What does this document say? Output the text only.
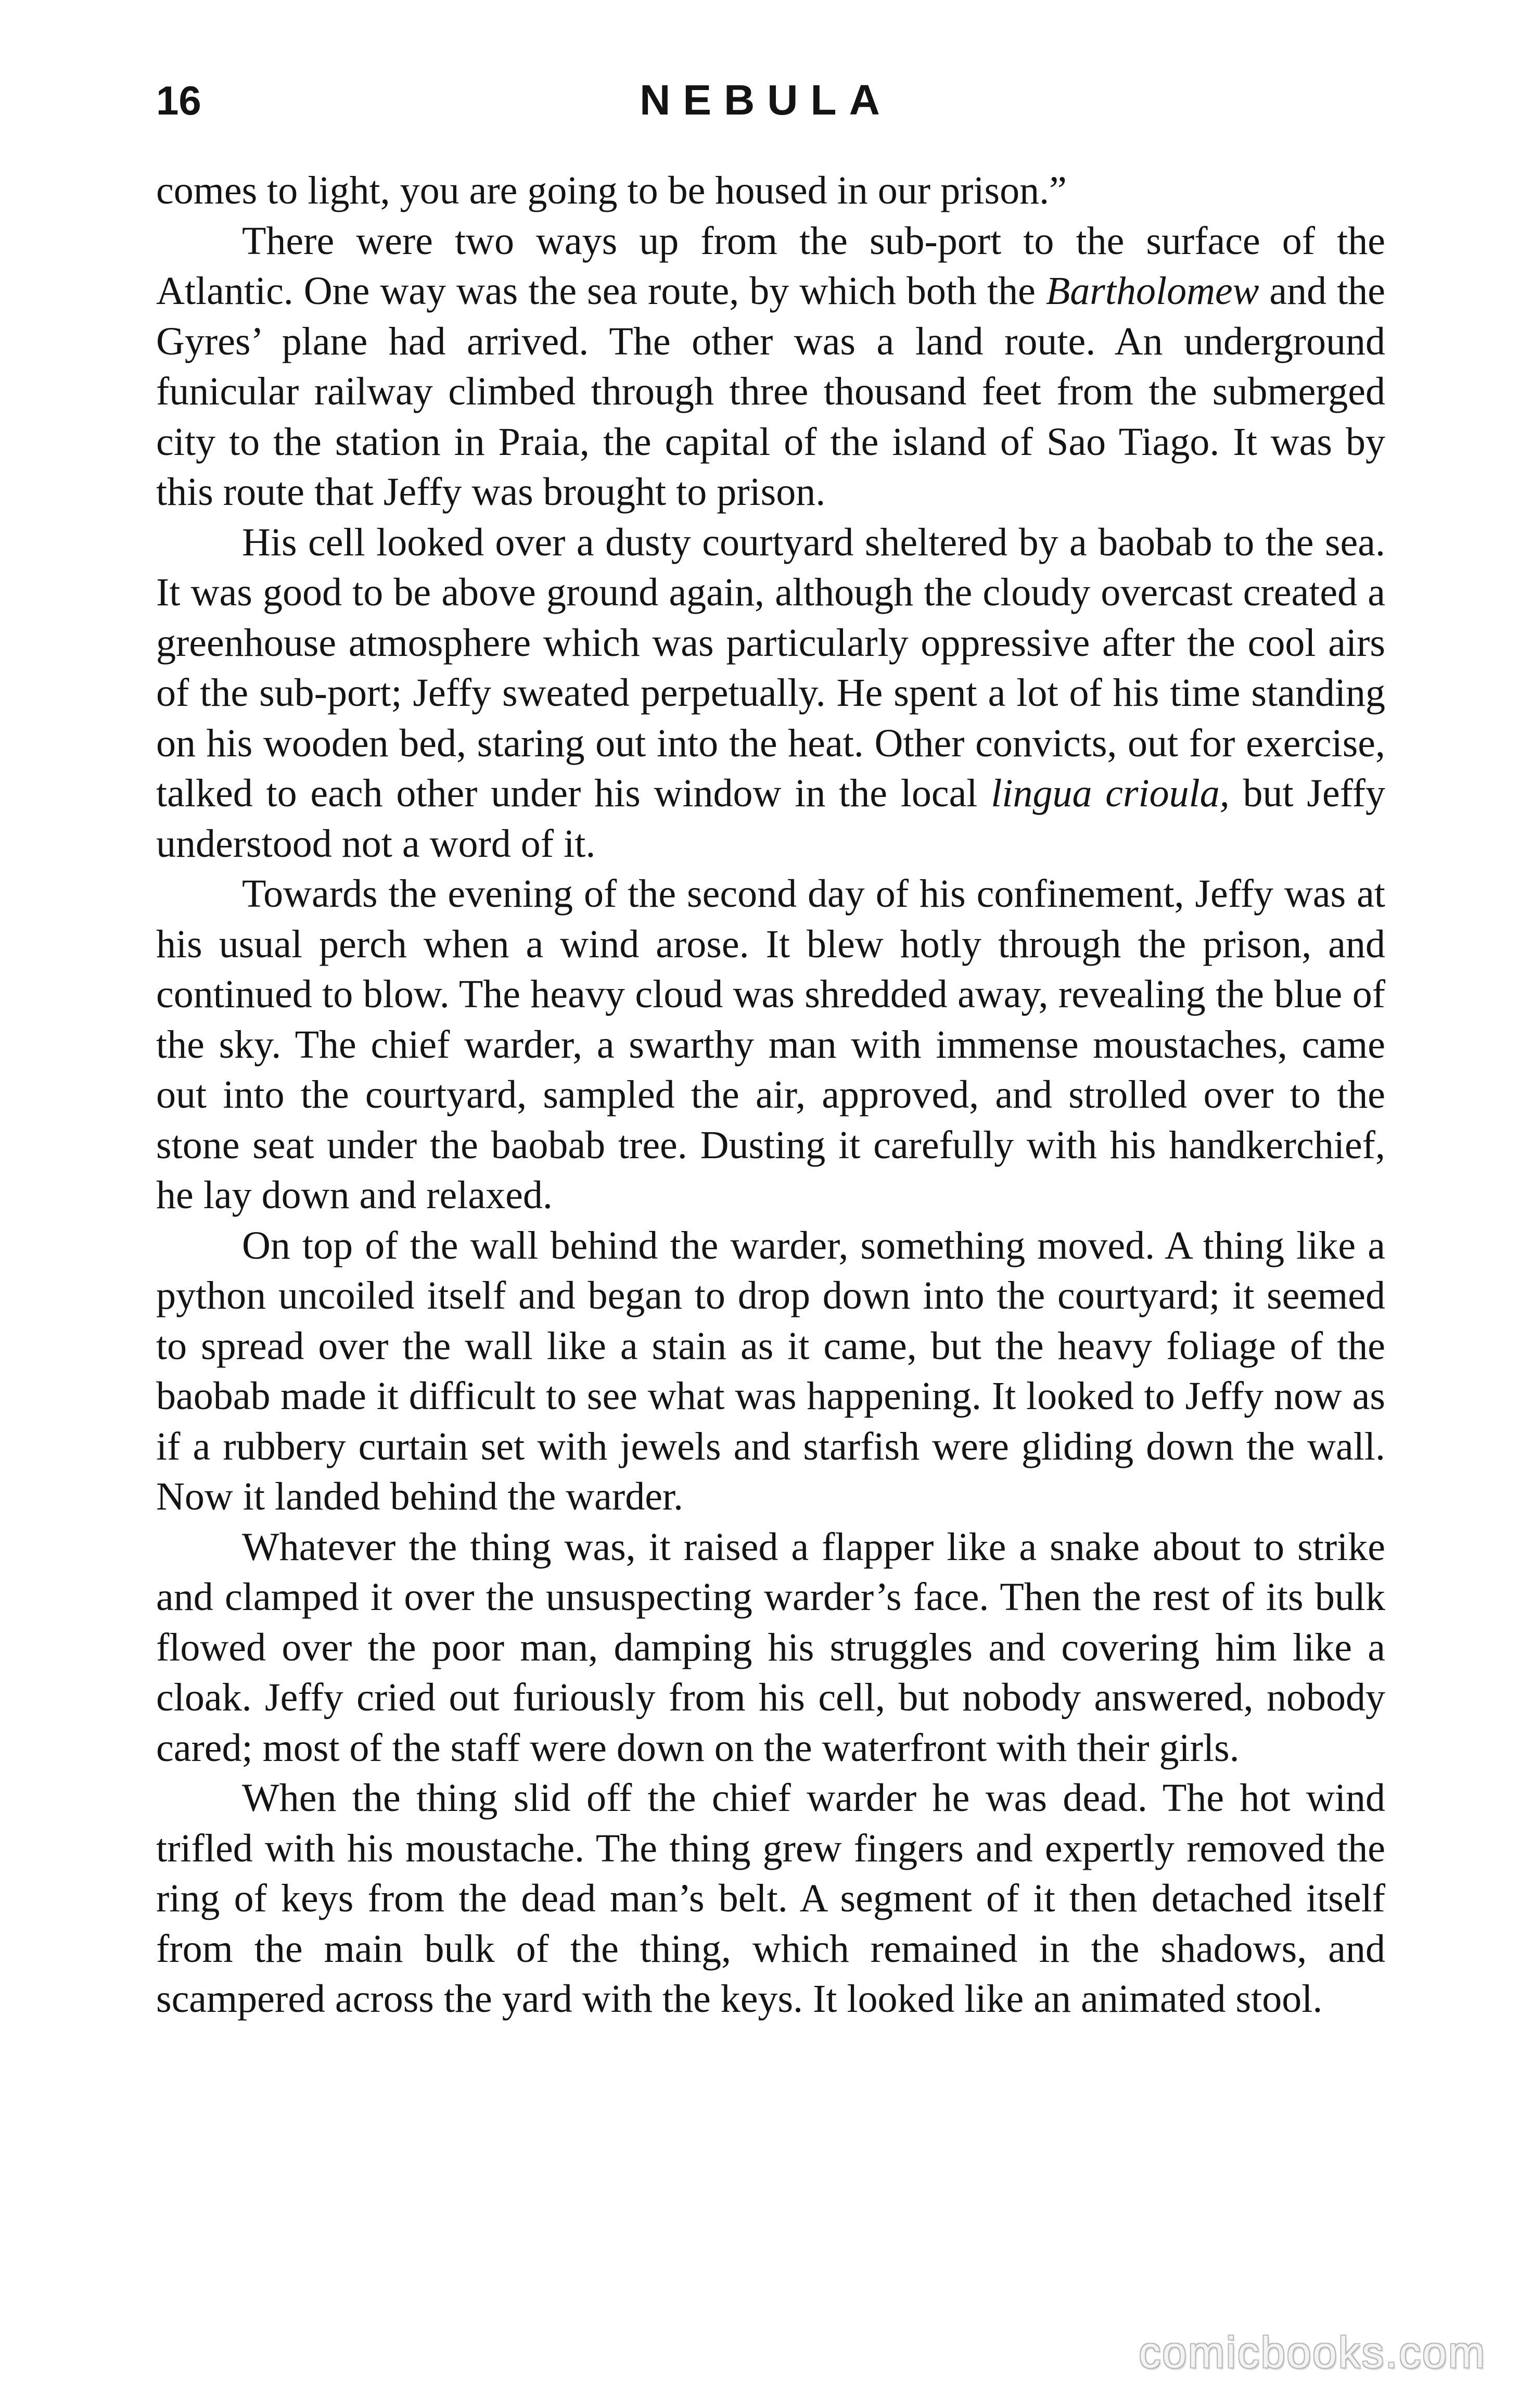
16	NEBULA

comes to light, you are going to be housed in our prison.”

There were two ways up from the sub-port to the surface of the Atlantic. One way was the sea route, by which both the Bartholomew and the Gyres’ plane had arrived. The other was a land route. An underground funicular railway climbed through three thousand feet from the submerged city to the station in Praia, the capital of the island of Sao Tiago. It was by this route that Jeffy was brought to prison.

His cell looked over a dusty courtyard sheltered by a baobab to the sea. It was good to be above ground again, although the cloudy overcast created a greenhouse atmosphere which was particularly oppressive after the cool airs of the sub-port; Jeffy sweated perpetually. He spent a lot of his time standing on his wooden bed, staring out into the heat. Other convicts, out for exercise, talked to each other under his window in the local lingua crioula, but Jeffy understood not a word of it.

Towards the evening of the second day of his confinement, Jeffy was at his usual perch when a wind arose. It blew hotly through the prison, and continued to blow. The heavy cloud was shredded away, revealing the blue of the sky. The chief warder, a swarthy man with immense moustaches, came out into the courtyard, sampled the air, approved, and strolled over to the stone seat under the baobab tree. Dusting it carefully with his handkerchief, he lay down and relaxed.

On top of the wall behind the warder, something moved. A thing like a python uncoiled itself and began to drop down into the courtyard; it seemed to spread over the wall like a stain as it came, but the heavy foliage of the baobab made it difficult to see what was happening. It looked to Jeffy now as if a rubbery curtain set with jewels and starfish were gliding down the wall. Now it landed behind the warder.

Whatever the thing was, it raised a flapper like a snake about to strike and clamped it over the unsuspecting warder’s face. Then the rest of its bulk flowed over the poor man, damping his struggles and covering him like a cloak. Jeffy cried out furiously from his cell, but nobody answered, nobody cared; most of the staff were down on the waterfront with their girls.

When the thing slid off the chief warder he was dead. The hot wind trifled with his moustache. The thing grew fingers and expertly removed the ring of keys from the dead man’s belt. A segment of it then detached itself from the main bulk of the thing, which remained in the shadows, and scampered across the yard with the keys. It looked like an animated stool.

comicbooks.com
